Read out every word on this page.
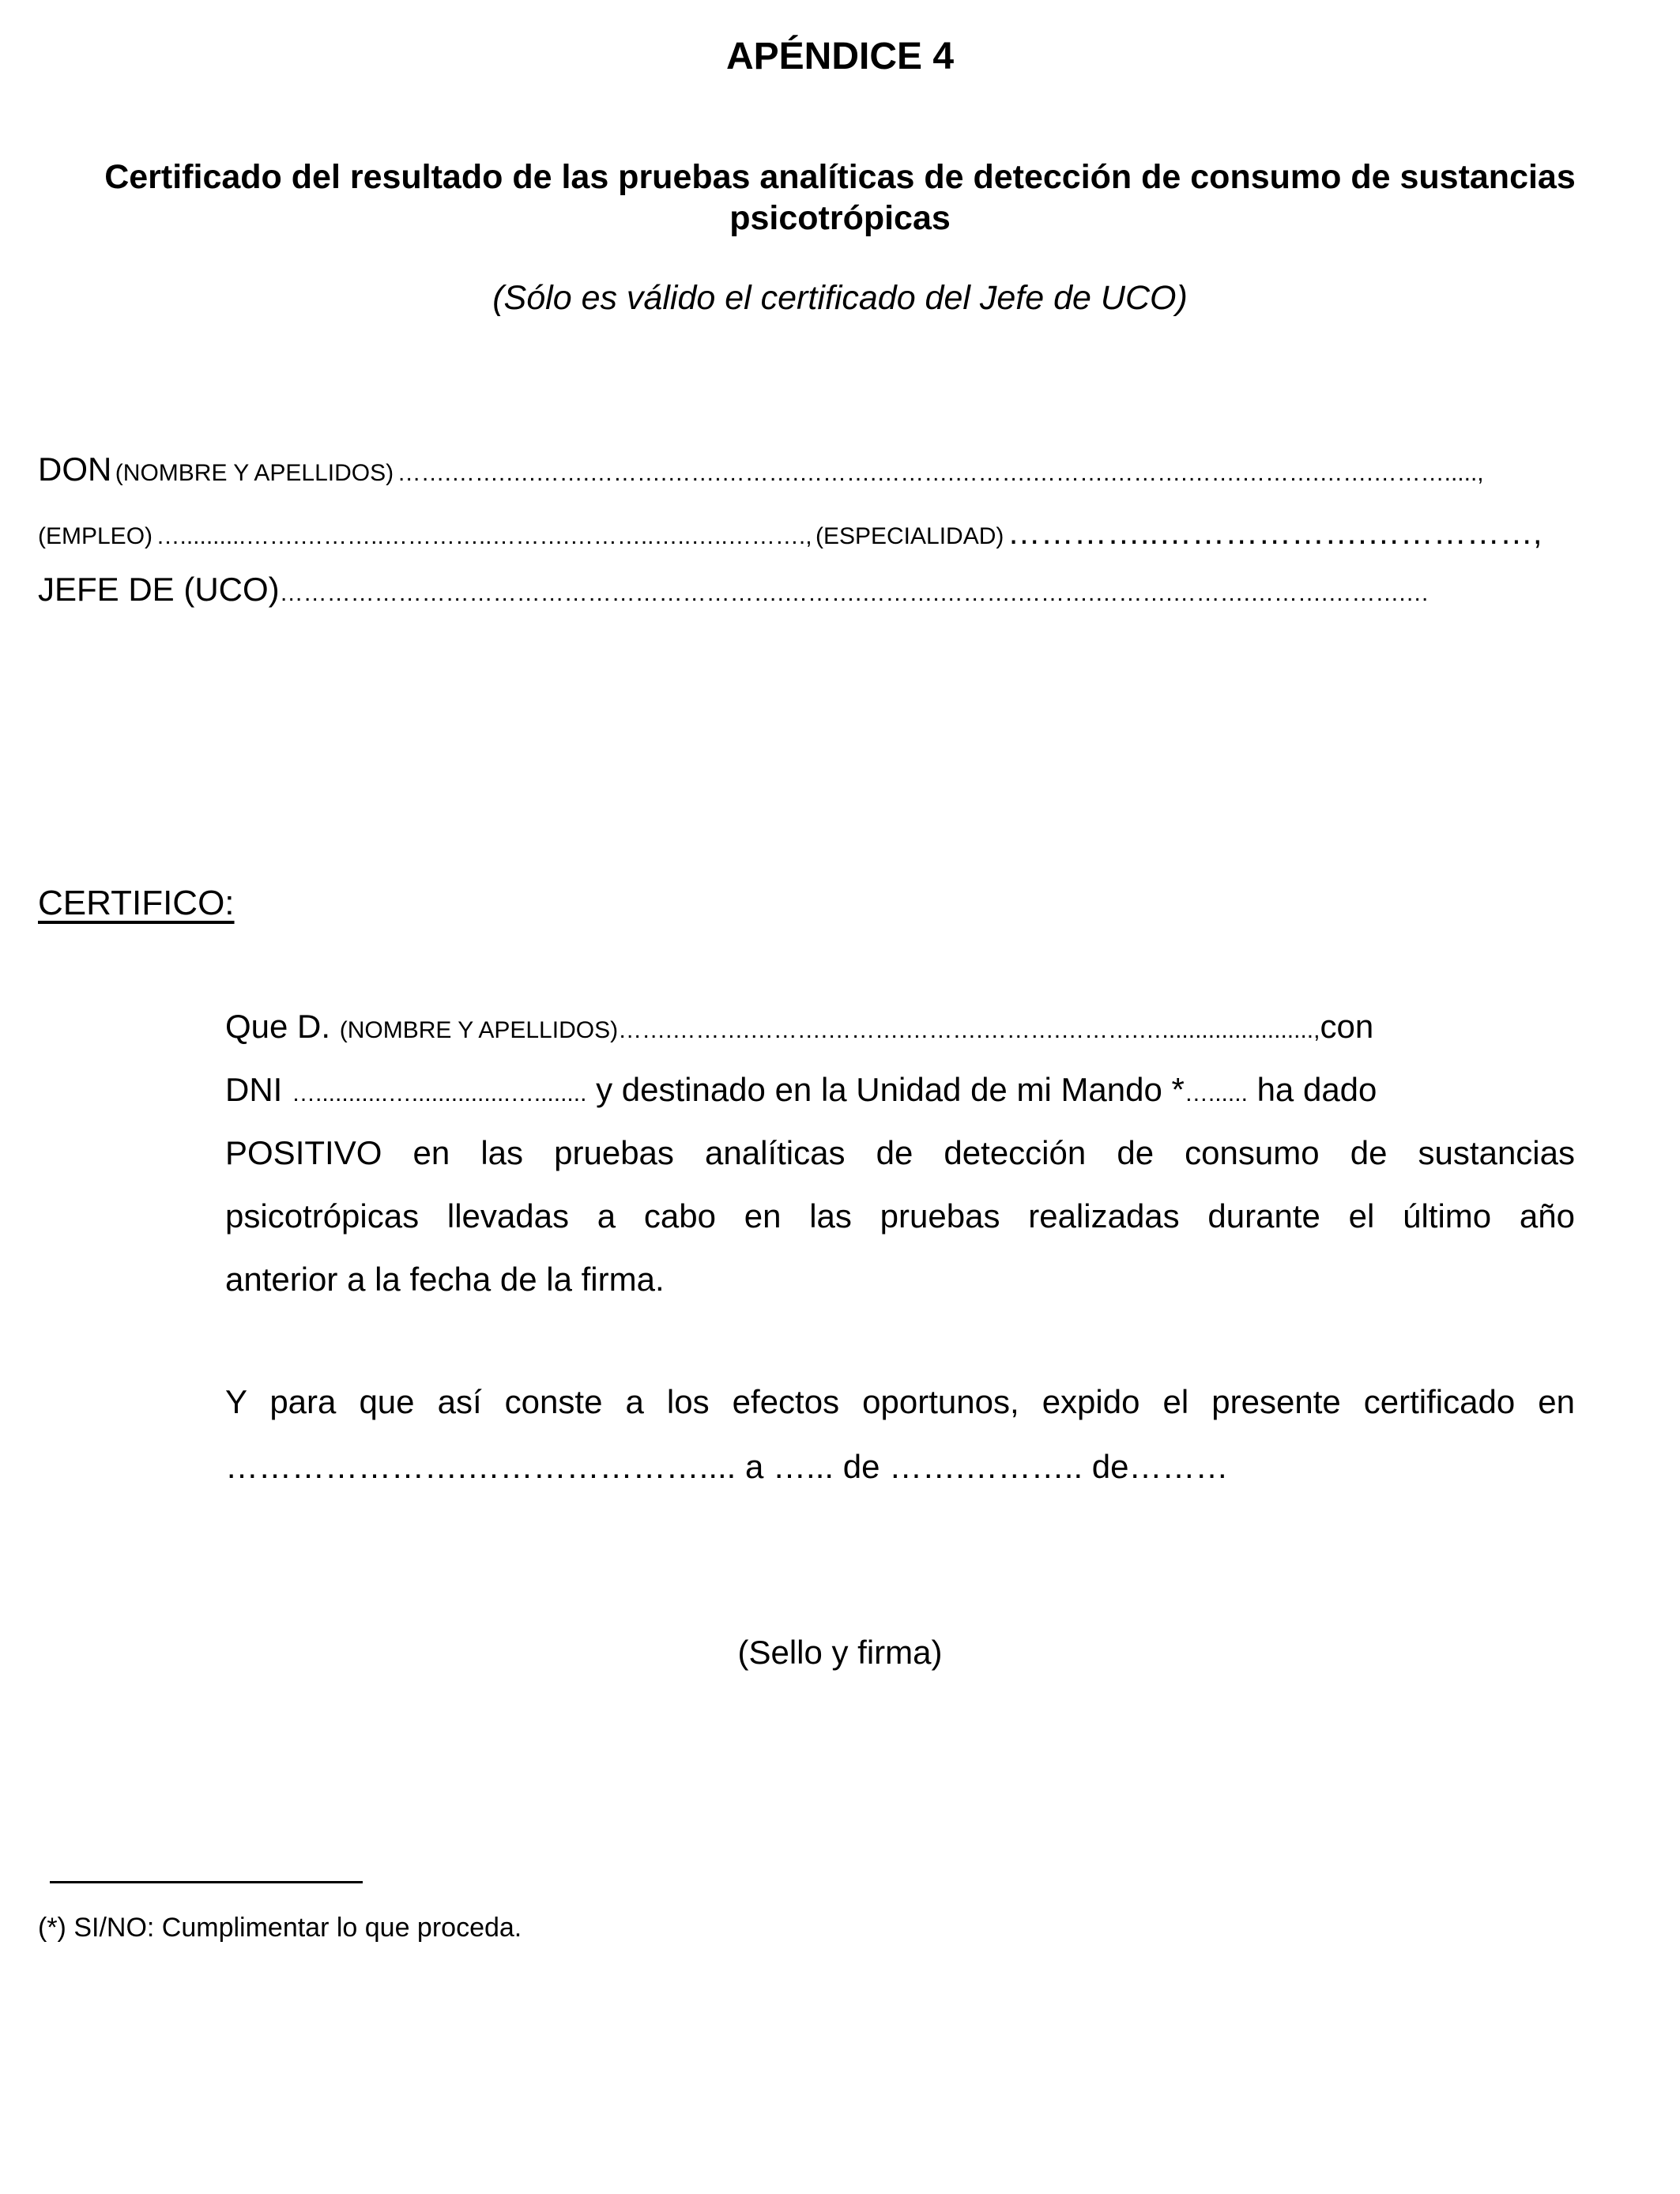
APÉNDICE 4
Certificado del resultado de las pruebas analíticas de detección de consumo de sustancias
psicotrópicas
(Sólo es válido el certificado del Jefe de UCO)
DON (NOMBRE Y APELLIDOS) …….…….….…….……….…….……….……….……….……….……….……….…….……….…….……….....,
(EMPLEO) …..........…….………..…………..……….………..…..…..………., (ESPECIALIDAD) …………..……………….……………,
JEFE DE (UCO)……………………………………………………….……….……….……….……….……….……….……….……….…
CERTIFICO:
Que D. (NOMBRE Y APELLIDOS)…….……….……….……….……….……….……….….......................,con
DNI …...........…...............…........ y destinado en la Unidad de mi Mando *…...... ha dado
POSITIVO en las pruebas analíticas de detección de consumo de sustancias
psicotrópicas llevadas a cabo en las pruebas realizadas durante el último año
anterior a la fecha de la firma.
Y para que así conste a los efectos oportunos, expido el presente certificado en
………………….………………….... a …... de …….……….. de………
(Sello y firma)
(*) SI/NO: Cumplimentar lo que proceda.
